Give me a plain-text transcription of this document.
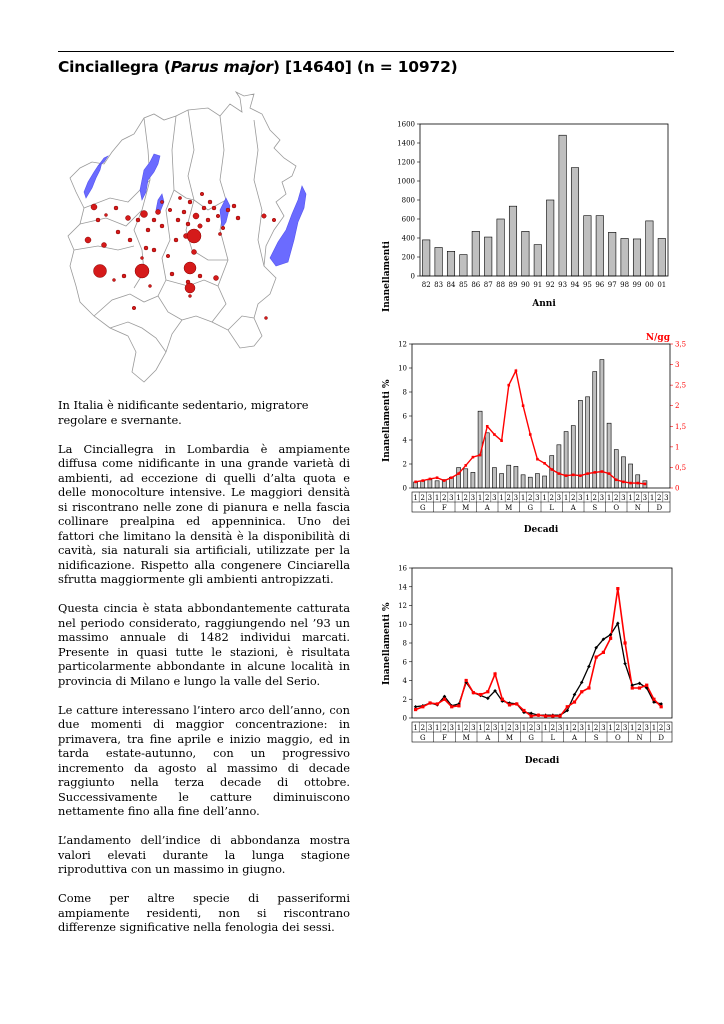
Cinciallegra (Parus major) [14640] (n = 10972)

In Italia è nidificante sedentario, migratore regolare e svernante.

La Cinciallegra in Lombardia è ampiamente diffusa come nidificante in una grande varietà di ambienti, ad eccezione di quelli d’alta quota e delle monocolture intensive. Le maggiori densità si riscontrano nelle zone di pianura e nella fascia collinare prealpina ed appenninica. Uno dei fattori che limitano la densità è la disponibilità di cavità, sia naturali sia artificiali, utilizzate per la nidificazione. Rispetto alla congenere Cinciarella sfrutta maggiormente gli ambienti antropizzati.

Questa cincia è stata abbondantemente catturata nel periodo considerato, raggiungendo nel ’93 un massimo annuale di 1482 individui marcati. Presente in quasi tutte le stazioni, è risultata particolarmente abbondante in alcune località in provincia di Milano e lungo la valle del Serio.

Le catture interessano l’intero arco dell’anno, con due momenti di maggior concentrazione: in primavera, tra fine aprile e inizio maggio, ed in tarda estate-autunno, con un progressivo incremento da agosto al massimo di decade raggiunto nella terza decade di ottobre. Successivamente le catture diminuiscono nettamente fino alla fine dell’anno.

L’andamento dell’indice di abbondanza mostra valori elevati durante la lunga stagione riproduttiva con un massimo in giugno.

Come per altre specie di passeriformi ampiamente residenti, non si riscontrano differenze significative nella fenologia dei sessi.

0
200
400
600
800
1000
1200
1400
1600
82 83 84 85 86 87 88 89 90 91 92 93 94 95 96 97 98 99 00 01
Inanellamenti	Anni
0
2
4
6
8
10
12
0
0,5
1
1,5
2
2,5
3
3,5
1 2 3 1 2 3 1 2 3 1 2 3 1 2 3 1 2 3 1 2 3 1 2 3 1 2 3 1 2 3 1 2 3 1 2 3
G F M A M G L A S O N D
Inanellamenti %
N/gg
Decadi
0
2
4
6
8
10
12
14
16
1 2 3 1 2 3 1 2 3 1 2 3 1 2 3 1 2 3 1 2 3 1 2 3 1 2 3 1 2 3 1 2 3 1 2 3
G F M A M G L A S O N D
Inanellamenti %
Decadi
